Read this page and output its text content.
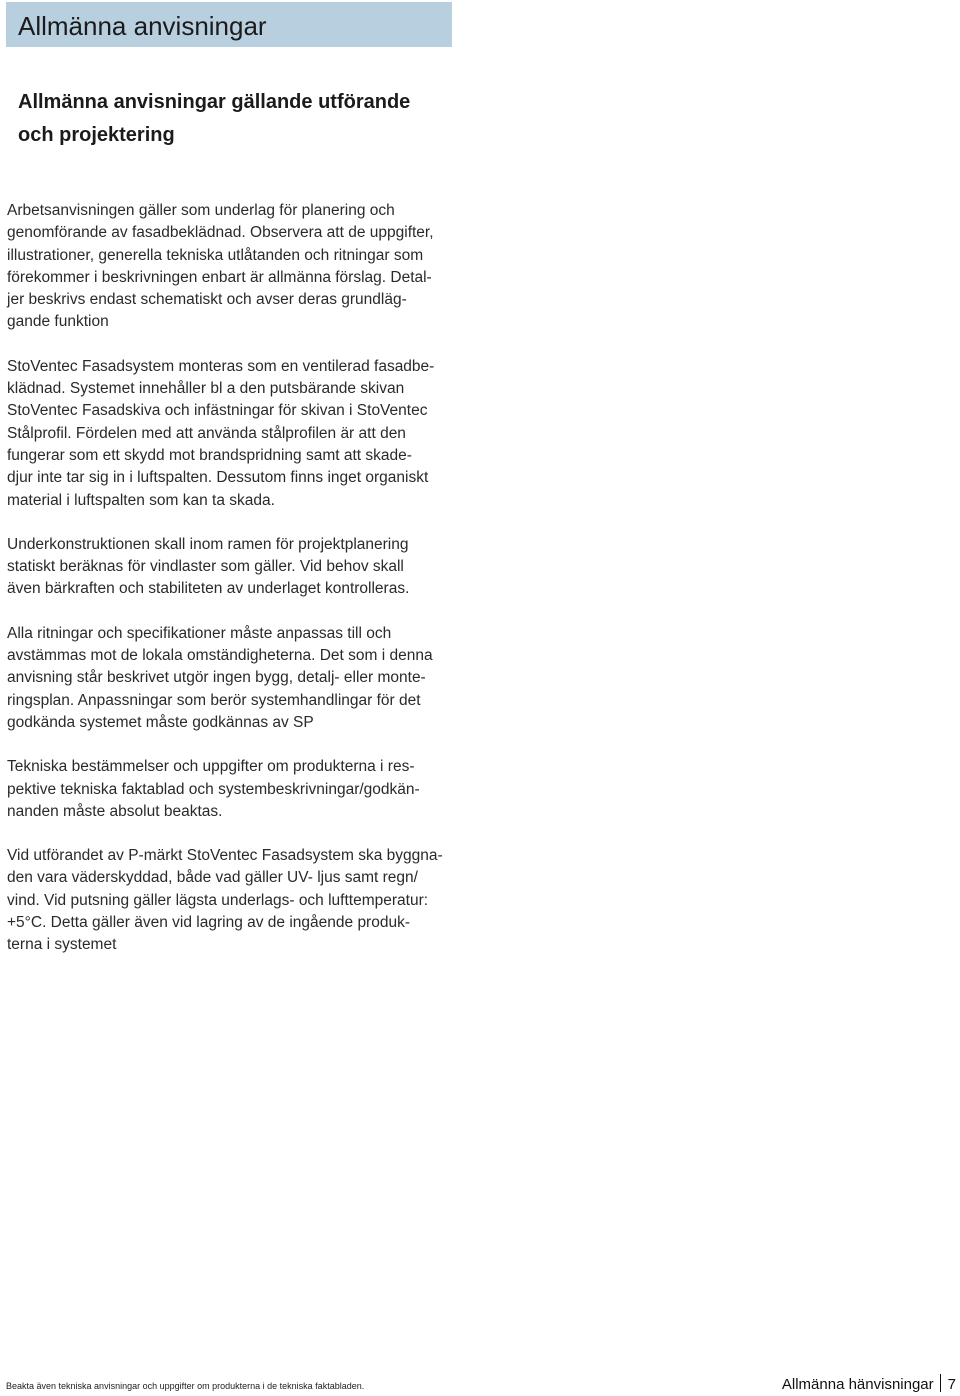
Allmänna anvisningar
Allmänna anvisningar gällande utförande
och projektering

Arbetsanvisningen gäller som underlag för planering och
genomförande av fasadbeklädnad. Observera att de uppgifter,
illustrationer, generella tekniska utlåtanden och ritningar som
förekommer i beskrivningen enbart är allmänna förslag. Detal-
jer beskrivs endast schematiskt och avser deras grundläg-
gande funktion

StoVentec Fasadsystem monteras som en ventilerad fasadbe-
klädnad. Systemet innehåller bl a den putsbärande skivan
StoVentec Fasadskiva och infästningar för skivan i StoVentec
Stålprofil. Fördelen med att använda stålprofilen är att den
fungerar som ett skydd mot brandspridning samt att skade-
djur inte tar sig in i luftspalten. Dessutom finns inget organiskt
material i luftspalten som kan ta skada.

Underkonstruktionen skall inom ramen för projektplanering
statiskt beräknas för vindlaster som gäller. Vid behov skall
även bärkraften och stabiliteten av underlaget kontrolleras.

Alla ritningar och specifikationer måste anpassas till och
avstämmas mot de lokala omständigheterna. Det som i denna
anvisning står beskrivet utgör ingen bygg, detalj- eller monte-
ringsplan. Anpassningar som berör systemhandlingar för det
godkända systemet måste godkännas av SP

Tekniska bestämmelser och uppgifter om produkterna i res-
pektive tekniska faktablad och systembeskrivningar/godkän-
nanden måste absolut beaktas.

Vid utförandet av P-märkt StoVentec Fasadsystem ska byggna-
den vara väderskyddad, både vad gäller UV- ljus samt regn/
vind. Vid putsning gäller lägsta underlags- och lufttemperatur:
+5°C. Detta gäller även vid lagring av de ingående produk-
terna i systemet

Beakta även tekniska anvisningar och uppgifter om produkterna i de tekniska faktabladen.	Allmänna hänvisningar 7
